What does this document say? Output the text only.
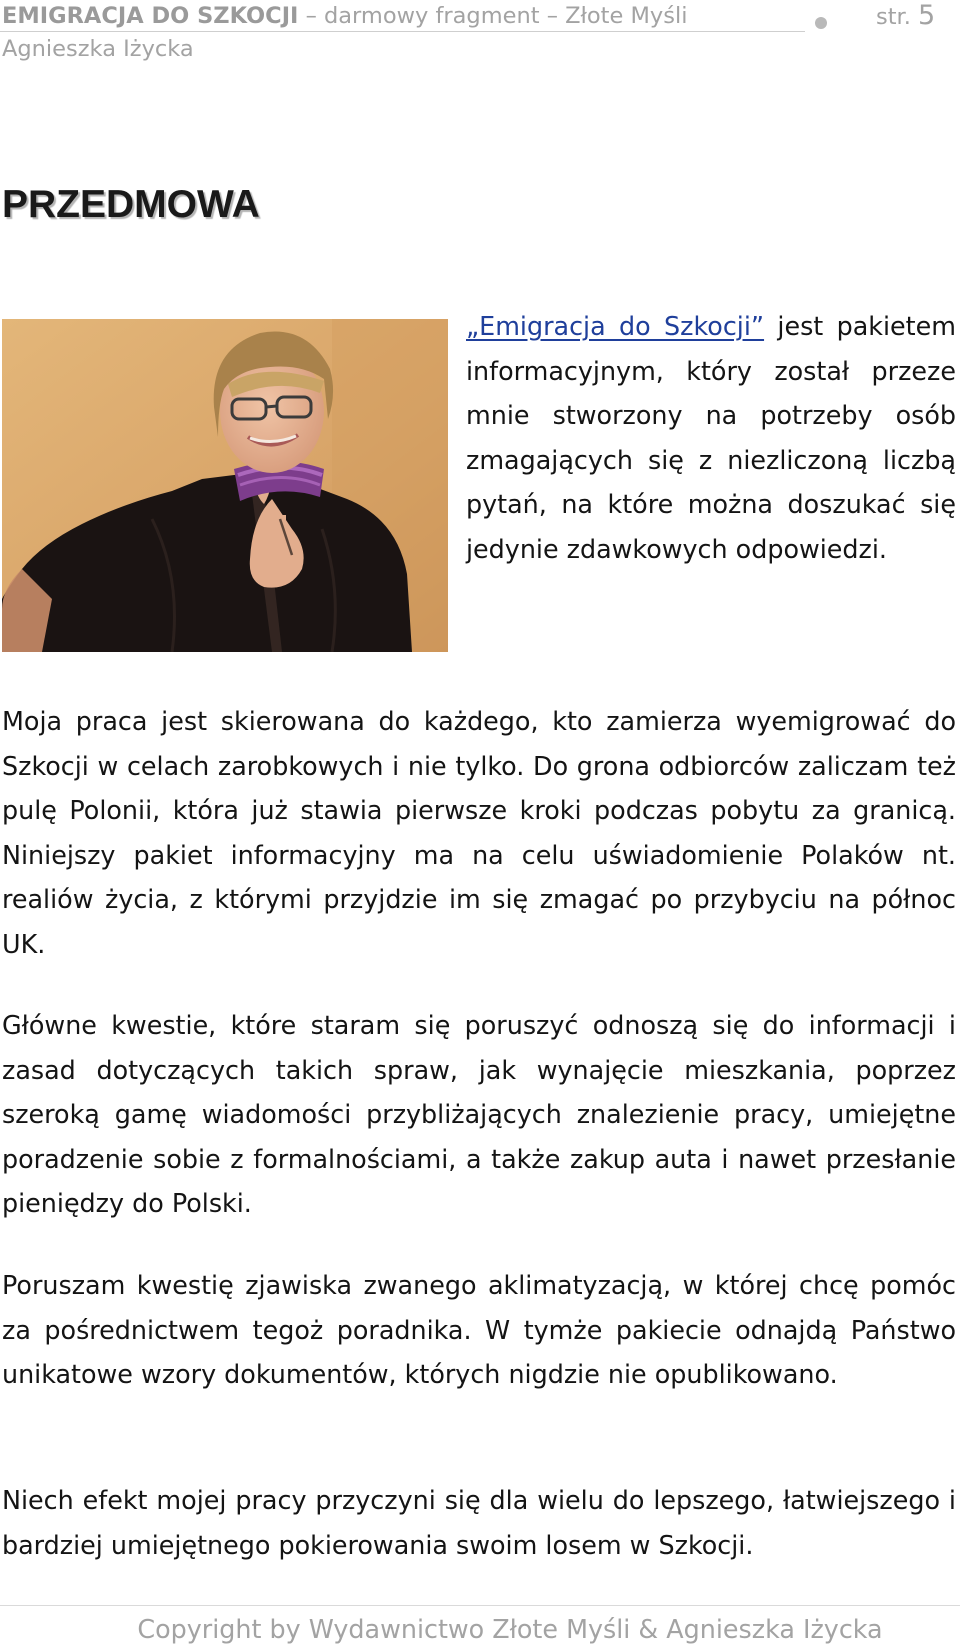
EMIGRACJA DO SZKOCJI – darmowy fragment – Złote Myśli	str. 5
Agnieszka Iżycka
PRZEDMOWA

„Emigracja do Szkocji” jest pakietem informacyjnym, który został przeze mnie stworzony na potrzeby osób zmagających się z niezliczoną liczbą pytań, na które można doszukać się jedynie zdawkowych odpowiedzi.

Moja praca jest skierowana do każdego, kto zamierza wyemigrować do Szkocji w celach zarobkowych i nie tylko. Do grona odbiorców zaliczam też pulę Polonii, która już stawia pierwsze kroki podczas pobytu za granicą. Niniejszy pakiet informacyjny ma na celu uświadomienie Polaków nt. realiów życia, z którymi przyjdzie im się zmagać po przybyciu na północ UK.

Główne kwestie, które staram się poruszyć odnoszą się do informacji i zasad dotyczących takich spraw, jak wynajęcie mieszkania, poprzez szeroką gamę wiadomości przybliżających znalezienie pracy, umiejętne poradzenie sobie z formalnościami, a także zakup auta i nawet przesłanie pieniędzy do Polski.

Poruszam kwestię zjawiska zwanego aklimatyzacją, w której chcę pomóc za pośrednictwem tegoż poradnika. W tymże pakiecie odnajdą Państwo unikatowe wzory dokumentów, których nigdzie nie opublikowano.

Niech efekt mojej pracy przyczyni się dla wielu do lepszego, łatwiejszego i bardziej umiejętnego pokierowania swoim losem w Szkocji.

Copyright by Wydawnictwo Złote Myśli & Agnieszka Iżycka
